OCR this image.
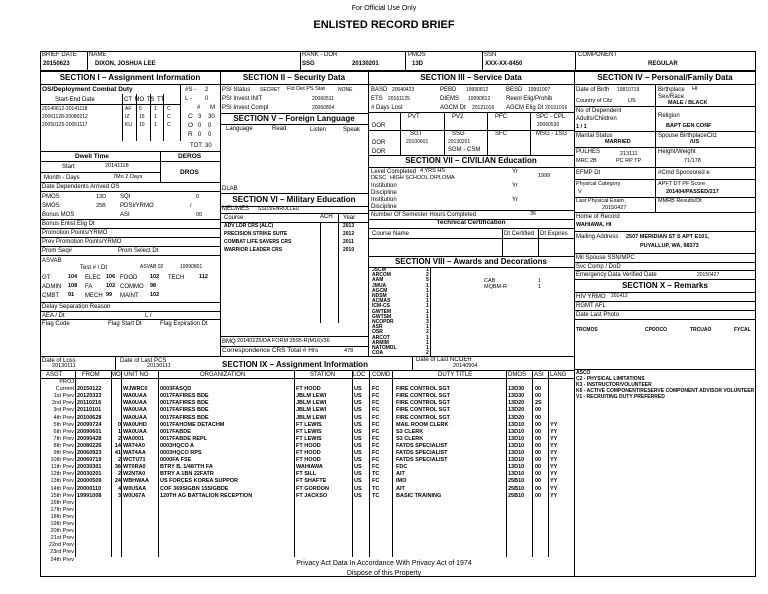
For Official Use Only
ENLISTED RECORD BRIEF
BRIEF DATE
20150623
NAME
DIXON, JOSHUA LEE
RANK - DOR
SSG	20130201
PMOS
13D
SSN
XXX-XX-8450
COMPONENT
REGULAR
SECTION I – Assignment Information
OS/Deployment Combat Duty
Start-End Date	CT MO TS TT
20140612-20141118	AF 5 1 C
20061128-20080212	IZ 15 1 C
20050125-20051117	KU 10 1 C
#S - 2
L - 0
# M
C 3 30
O 0 0
R 0 0
TOT: 30
Dwell Time	DEROS
Start	20141118
DROS
Month - Days	7Mo 2 Days
Date Dependents Arrived OS
PMOS	13D SQI	0
SMOS	25B PDSI/YRMO	/
Bonus MOS	ASI	00
Bonus Enlist Elig Dt
Promotion Points/YRMO
Prev Promotion Points/YRMO
Prom Seq#	Prom Select Dt
ASVAB
Test # / Dt	ASVAB 02	19990801
GT	104 ELEC 106 FOOD 102 TECH	112
ADMIN 108 FA 102 COMMO 98
CMBT 91 MECH 99 MAINT 102
Delay Separation Reason
AEA / Dt	L /
Flag Code	Flag Start Dt	Flag Expiration Dt
SECTION II – Security Data
PSI Status SECRET Fld Det PS Stat	NONE
PSI Invest INIT	20060511
PSI Invest Compl	20060804
SECTION V – Foreign Language
Language	Read	Listen	Speak
DLAB
SECTION VI – Military Education
MEL/MES SSD3/ENROLLED
Course	ACH Year
ADV LDR CRS (ALC)	2013
PRECISION STRIKE SUITE	2012
COMBAT LIFE SAVERS CRS	2011
WARRIOR LEADER CRS	2010
BMQ 20140225/DA FORM 3595-R(M16)/36
Correspondence CRS Total # Hrs	478
SECTION III – Service Data
BASD 20040423	PEBD 19990812	BESD 19991007
ETS 20161125	DIEMS 19990812	Reenl Elig/Prohib
# Days Lost	AGCM Dt 20121016 AGCM Elig Dt 20151016
PVT	PV2	PFC	SPC - CPL
DOR	20060530
SGT	SSG	SFC	MSG - 1SG
DOR	20100601	20130201
SGM - CSM
DOR
SECTION VII – CIVILIAN Education
Level Completed 4 YRS HS	Yr
DESC HIGH SCHOOL DIPLOMA	1999
Institution	Yr
Discipline
Institution	Yr
Discipline
Number Of Semester Hours Completed	36
Technical Certification
Course Name	Dt Certified Dt Expires
SECTION VIII – Awards and Decorations
JSCM	1
ARCOM	2
AAM	5
JMUA	1
AGCM	1
NDSM	1
ACMAS	1
ICM-CS	1
GWTEM	1
GWTSM	1
NCOPDR	3
ASR	1
OSR	2
ARCOT	1
ARMIM	1
NATOMDL	1
COA	2
CAB	1
MQBM-R	1
SECTION IV – Personal/Family Data
Date of Birth 19810719	Birthplace HI
Sex/Race
Country of Citz	US	MALE / BLACK
No of Dependent
Adults/Children	Religion
1 / 1	BAPT GEN CONF
Marital Status
MARRIED
Spouse BirthplaceCitz
/US
PULHES	213111	Height/Weight
MRC 2B	PC RP TP	71/178
EFMP Dt	#Cmd Sponsored e
Physical Category
V
APFT DT PF Score
201404/PASSED/217
Last Physical Exam	MMRB Results/Dt
20150427
Home of Record
WAHIAWA, HI
Mailing Address 2507 MERIDIAN ST S APT E101,
PUYALLUP, WA, 98373
Mil Spouse SSN/MPC
Svc Comp / DoD
Emergency Data Verified Date	20150427
SECTION X – Remarks
HIV YRMO 201412
RGMT AFL
Date Last Photo
TRCMOS	CPDOCO	TRCUAO	FYCAL
ASCO
C2 - PHYSICAL LIMITATIONS
K3 - INSTRUCTOR/VOLUNTEER
K6 - ACTIVE COMPONENT/RESERVE COMPONENT ADVISOR VOLUNTEER
V1 - RECRUITING DUTY PREFERRED
Date of Loss
20130111
Date of Last PCS
20130111	SECTION IX – Assignment Information	Date of Last NCOER
20140904
ASGT	FROM MO UNIT NO	ORGANIZATION	STATION	LOC COMD	DUTY TITLE	DMOS ASI LANG
PROJ
Current 20150122	WJWRC0 0003FASQD	FT HOOD	US FC	FIRE CONTROL SGT	13D30 00
1st Prev 20120323	WA0UAA 0017FAFIRES BDE	JBLM LEWI	US FC	FIRE CONTROL SGT	13D30 00
2nd Prev 20110216	WA0UAA 0017FAFIRES BDE	JBLM LEWI	US FC	FIRE CONTROL SGT	13D20 2S
3rd Prev 20110101	WA0UAA 0017FAFIRES BDE	JBLM LEWI	US FC	FIRE CONTROL SGT	13D20 00
4th Prev 20100628	WA0UAA 0017FAFIRES BDE	JBLM LEWI	US FC	FIRE CONTROL SGT	13D20 00
5th Prev 20090724	0 WA0UHD 0017FAHOME DETACHM	FT LEWIS	US FC	MAIL ROOM CLERK	13D10 00 YY
6th Prev 20090601	1 WA0UAA 0017FABDE	FT LEWIS	US FC	S3 CLERK	13D10 00 YY
7th Prev 20090428	2 WA0001	0017FABDE REPL	FT LEWIS	US FC	S3 CLERK	13D10 00 YY
8th Prev 20080226	14 WAT4A0	0003HQCO A	FT HOOD	US FC	FATDS SPECIALIST	13D10 00 YY
9th Prev 20060923	41 WAT4AA	0003HQCO RPS	FT HOOD	US FC	FATDS SPECIALIST	13D10 00 YY
10th Prev 20060719	2 WCTU71	0000FA FSE	FT HOOD	US FC	FATDS SPECIALIST	13D10 00 YY
11th Prev 20030301	36 WT0RA0	BTRY B, 1/487TH FA	WAHIAWA	US FC	FDC	13D10 00 YY
12th Prev 20030201	2 W2NTA0	BTRY A 1BN 22FATR	FT SILL	US TC	AIT	13D10 00 YY
13th Prev 20000509	24 WBHWAA US FORCES KOREA SUPPOR	FT SHAFTE	US FC	IMO	25B10 00 YY
14th Prev 20000110	4 W0U5AA	COF 369SIGBN 15SIGBDE	FT GORDON	US TC	AIT	25B10 00 YY
15th Prev 19991008	3 W0U67A	120TH AG BATTALION RECEPTION	FT JACKSO	US TC	BASIC TRAINING	25B10 00 YY
16th Prev
17th Prev
18th Prev
19th Prev
20th Prev
21st Prev
22nd Prev
23rd Prev
24th Prev
Privacy Act Data In Accordance With Privacy Act of 1974
Dispose of this Property
